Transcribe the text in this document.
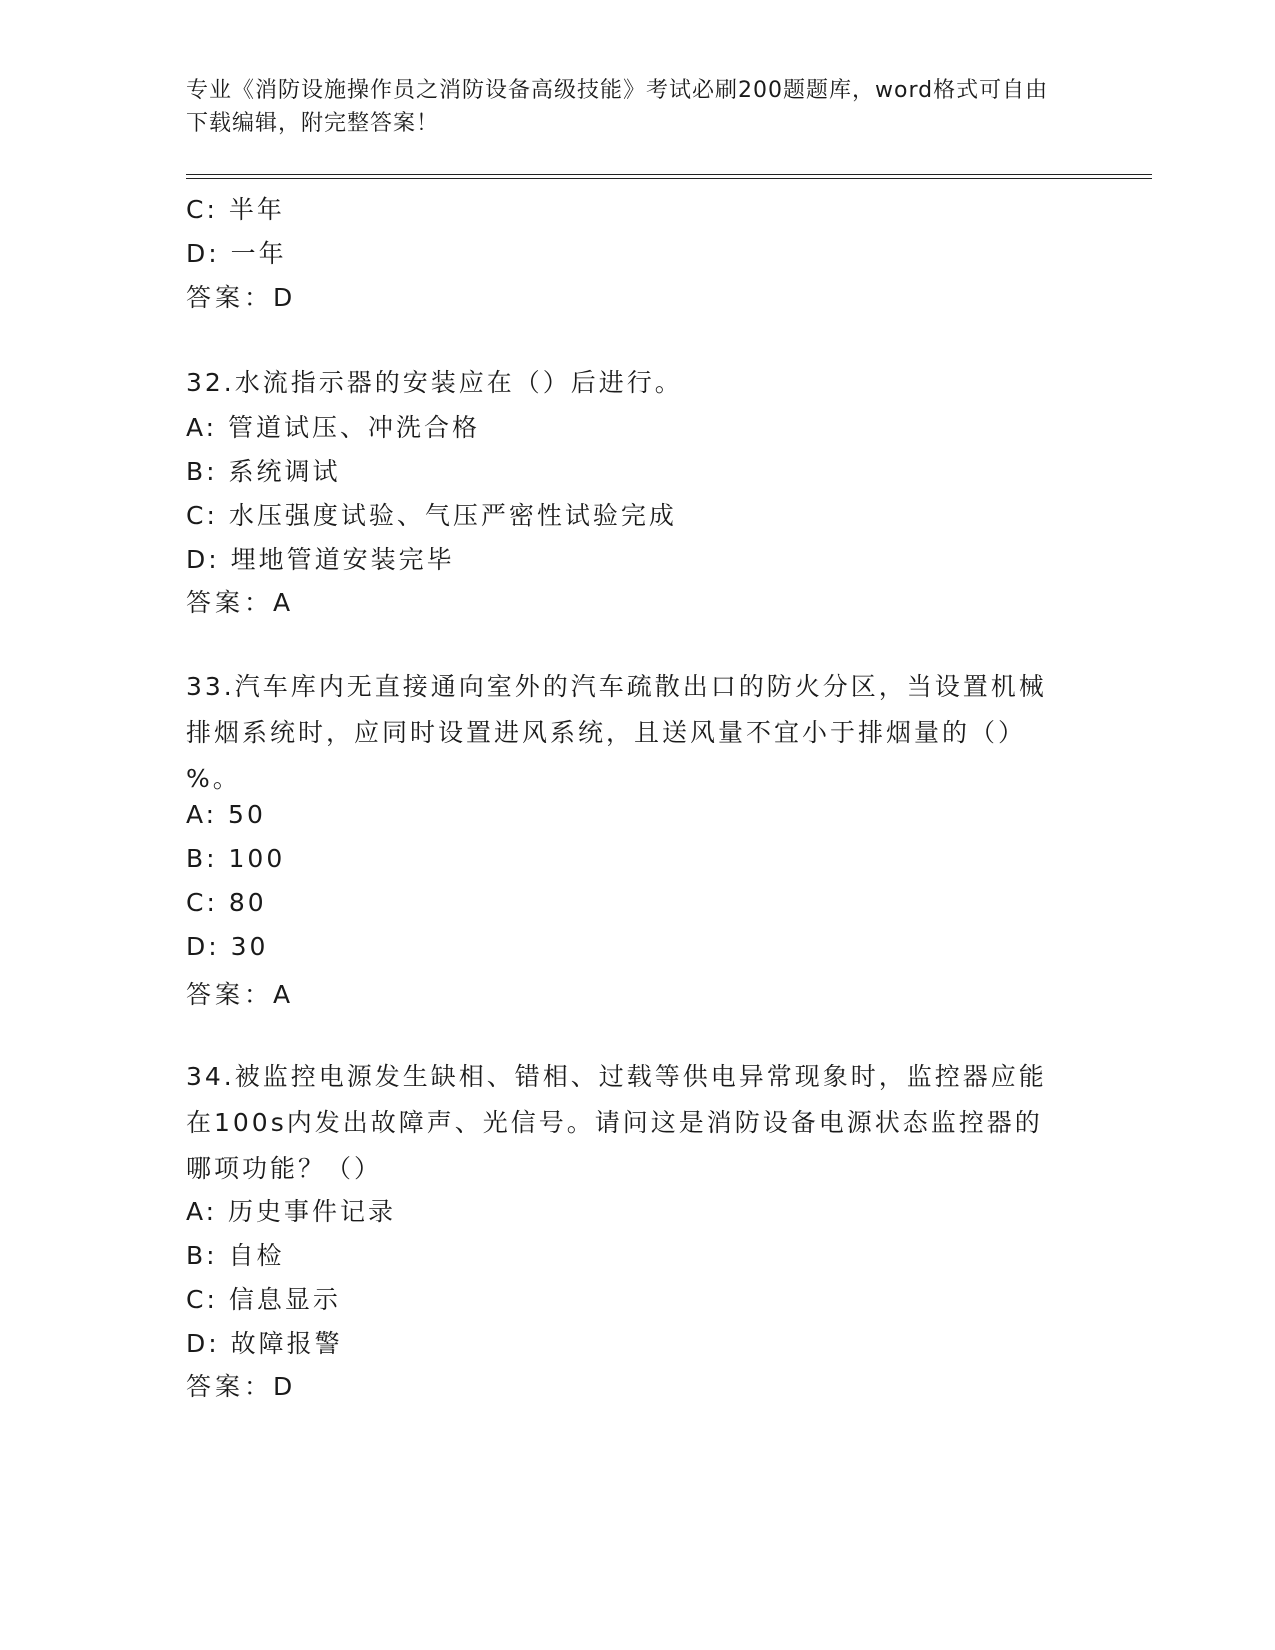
专业《消防设施操作员之消防设备高级技能》考试必刷200题题库，word格式可自由下载编辑，附完整答案！
C: 半年
D: 一年
答案：D
32.水流指示器的安装应在（）后进行。
A: 管道试压、冲洗合格
B: 系统调试
C: 水压强度试验、气压严密性试验完成
D: 埋地管道安装完毕
答案：A
33.汽车库内无直接通向室外的汽车疏散出口的防火分区，当设置机械排烟系统时，应同时设置进风系统，且送风量不宜小于排烟量的（）%。
A: 50
B: 100
C: 80
D: 30
答案：A
34.被监控电源发生缺相、错相、过载等供电异常现象时，监控器应能在100s内发出故障声、光信号。请问这是消防设备电源状态监控器的哪项功能？（）
A: 历史事件记录
B: 自检
C: 信息显示
D: 故障报警
答案：D
